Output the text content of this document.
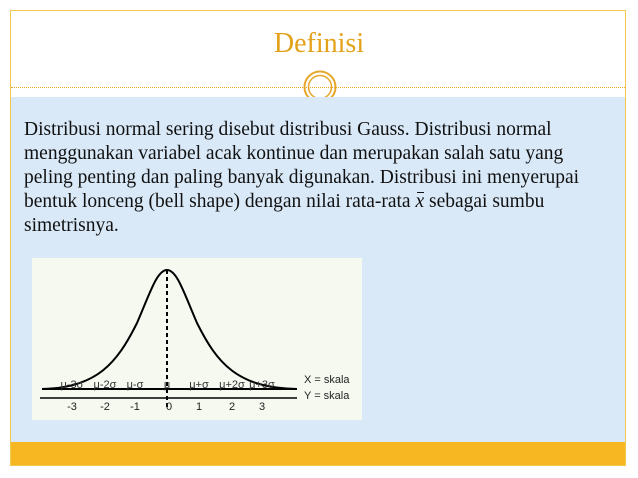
Definisi
Distribusi normal sering disebut distribusi Gauss. Distribusi normal menggunakan variabel acak kontinue dan merupakan salah satu yang peling penting dan paling banyak digunakan. Distribusi ini menyerupai bentuk lonceng (bell shape) dengan nilai rata-rata x sebagai sumbu simetrisnya.
μ-3σ μ-2σ μ-σ μ μ+σ μ+2σ μ+3σ
-3 -2 -1 0 1 2 3
X = skala
Y = skala
